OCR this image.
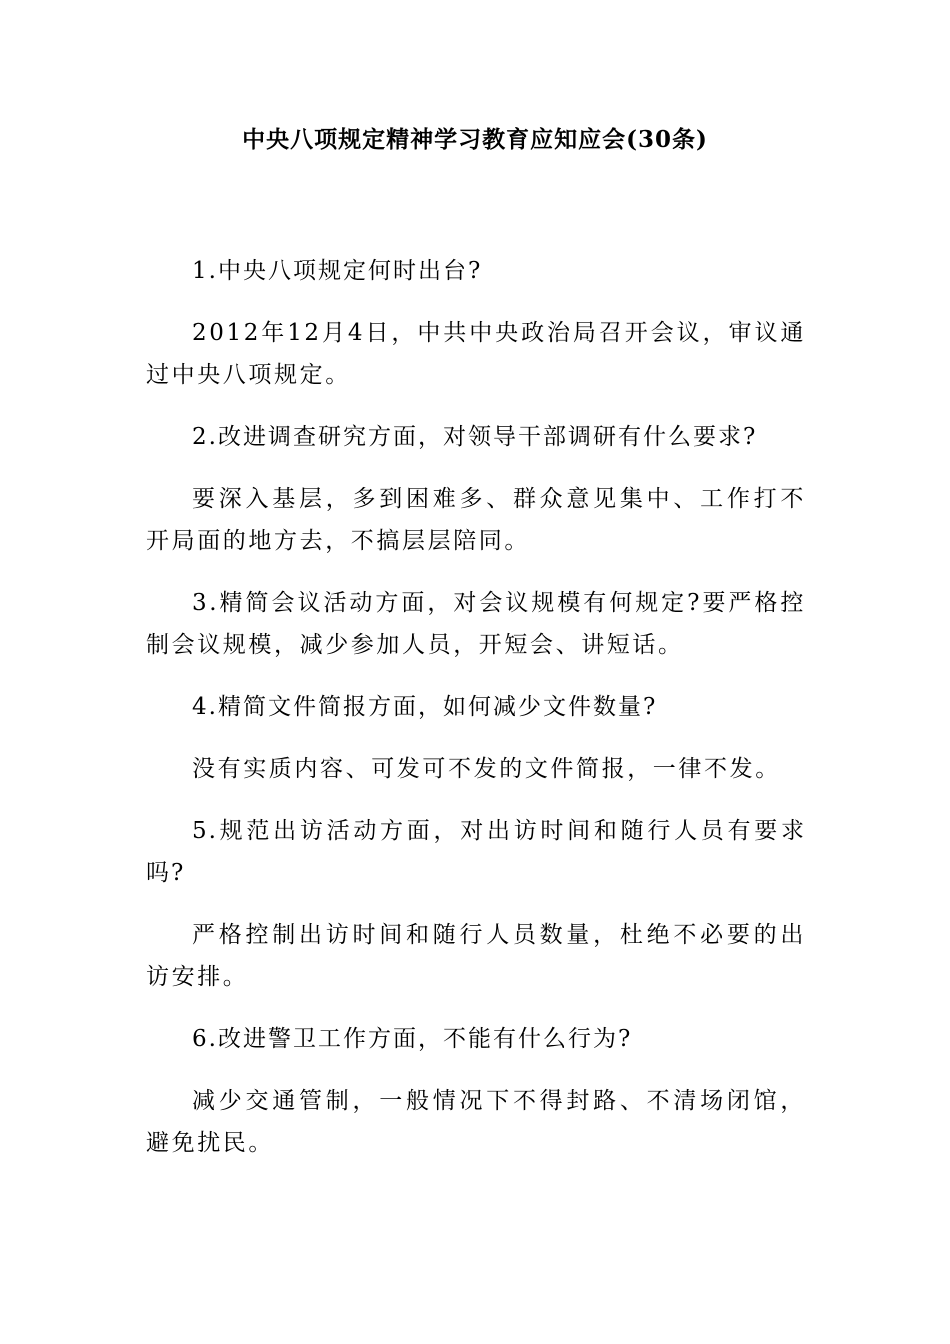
中央八项规定精神学习教育应知应会(30条)

1.中央八项规定何时出台?

2012年12月4日，中共中央政治局召开会议，审议通过中央八项规定。

2.改进调查研究方面，对领导干部调研有什么要求?

要深入基层，多到困难多、群众意见集中、工作打不开局面的地方去，不搞层层陪同。

3.精简会议活动方面，对会议规模有何规定?要严格控制会议规模，减少参加人员，开短会、讲短话。

4.精简文件简报方面，如何减少文件数量?

没有实质内容、可发可不发的文件简报，一律不发。

5.规范出访活动方面，对出访时间和随行人员有要求吗?

严格控制出访时间和随行人员数量，杜绝不必要的出访安排。

6.改进警卫工作方面，不能有什么行为?

减少交通管制，一般情况下不得封路、不清场闭馆，避免扰民。
